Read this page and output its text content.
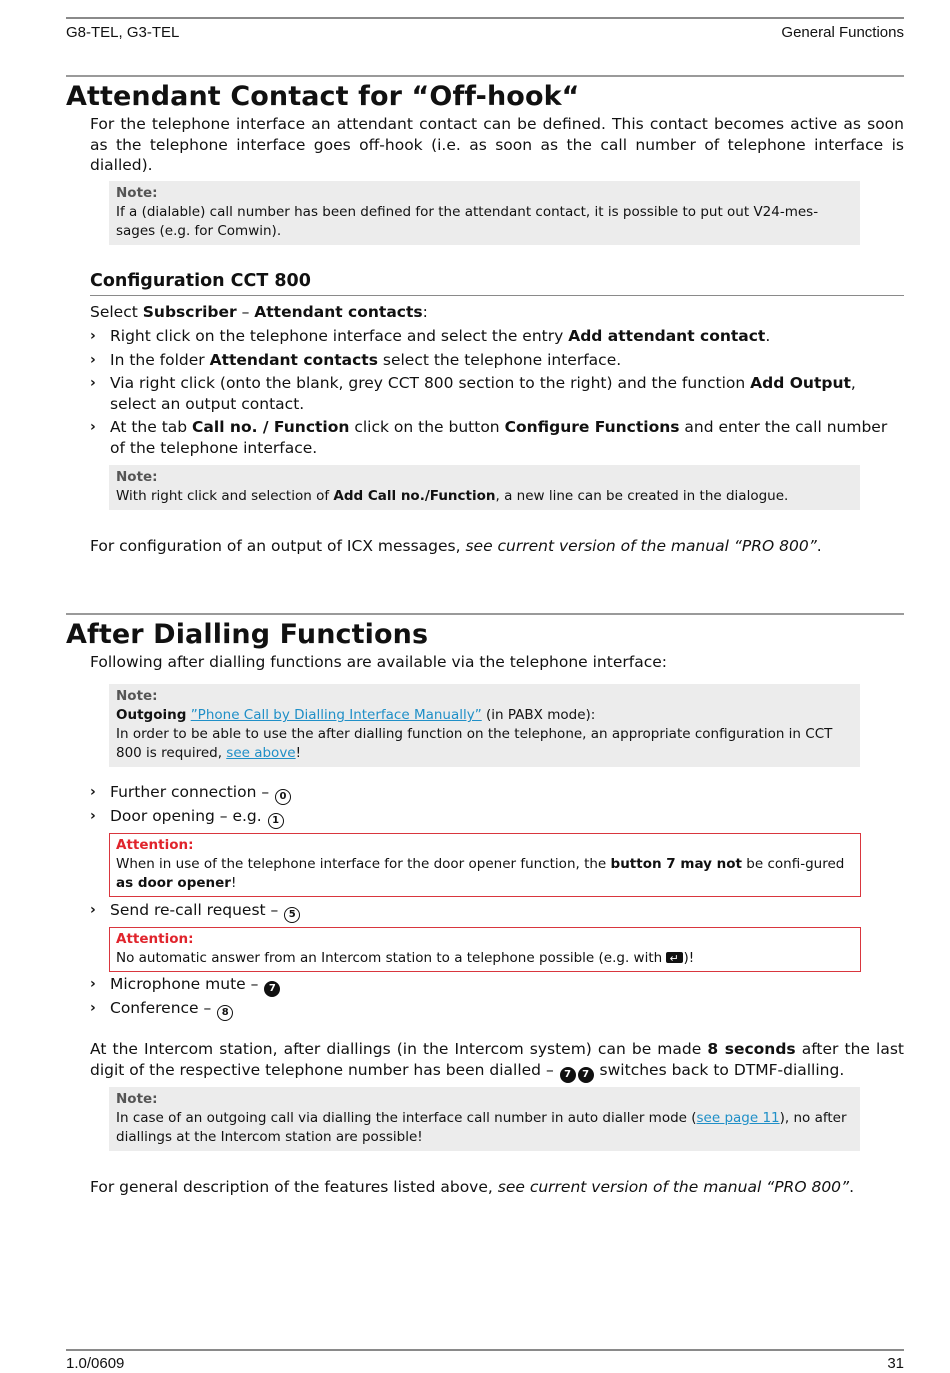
G8-TEL, G3-TEL	General Functions
Attendant Contact for “Off-hook“

For the telephone interface an attendant contact can be defined. This contact becomes active as soon as the telephone interface goes off-hook (i.e. as soon as the call number of telephone interface is dialled).

Note:
If a (dialable) call number has been defined for the attendant contact, it is possible to put out V24-mes-sages (e.g. for Comwin).
Configuration CCT 800

Select Subscriber – Attendant contacts:

› Right click on the telephone interface and select the entry Add attendant contact.
› In the folder Attendant contacts select the telephone interface.
› Via right click (onto the blank, grey CCT 800 section to the right) and the function Add Output, select an output contact.
› At the tab Call no. / Function click on the button Configure Functions and enter the call number of the telephone interface.
Note:
With right click and selection of Add Call no./Function, a new line can be created in the dialogue.

For configuration of an output of ICX messages, see current version of the manual “PRO 800”.

After Dialling Functions

Following after dialling functions are available via the telephone interface:

Note:
Outgoing ”Phone Call by Dialling Interface Manually” (in PABX mode):
In order to be able to use the after dialling function on the telephone, an appropriate configuration in CCT 800 is required, see above!
› Further connection – 0
› Door opening – e.g. 1
Attention:
When in use of the telephone interface for the door opener function, the button 7 may not be confi-gured as door opener!
› Send re-call request – 5
Attention:
No automatic answer from an Intercom station to a telephone possible (e.g. with ↵)!
› Microphone mute – 7
› Conference – 8

At the Intercom station, after diallings (in the Intercom system) can be made 8 seconds after the last digit of the respective telephone number has been dialled – 7 7 switches back to DTMF-dialling.

Note:
In case of an outgoing call via dialling the interface call number in auto dialler mode (see page 11), no after diallings at the Intercom station are possible!

For general description of the features listed above, see current version of the manual “PRO 800”.

1.0/0609	31
